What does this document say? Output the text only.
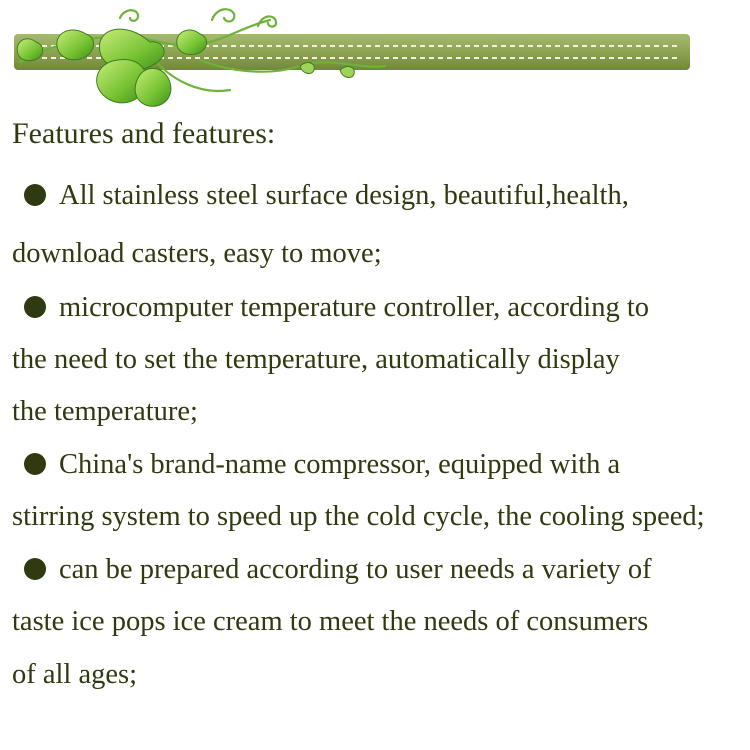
Features and features:

All stainless steel surface design, beautiful,health,

download casters, easy to move;

microcomputer temperature controller, according to

the need to set the temperature, automatically display

the temperature;

China's brand-name compressor, equipped with a

stirring system to speed up the cold cycle, the cooling speed;

can be prepared according to user needs a variety of

taste ice pops ice cream to meet the needs of consumers

of all ages;
